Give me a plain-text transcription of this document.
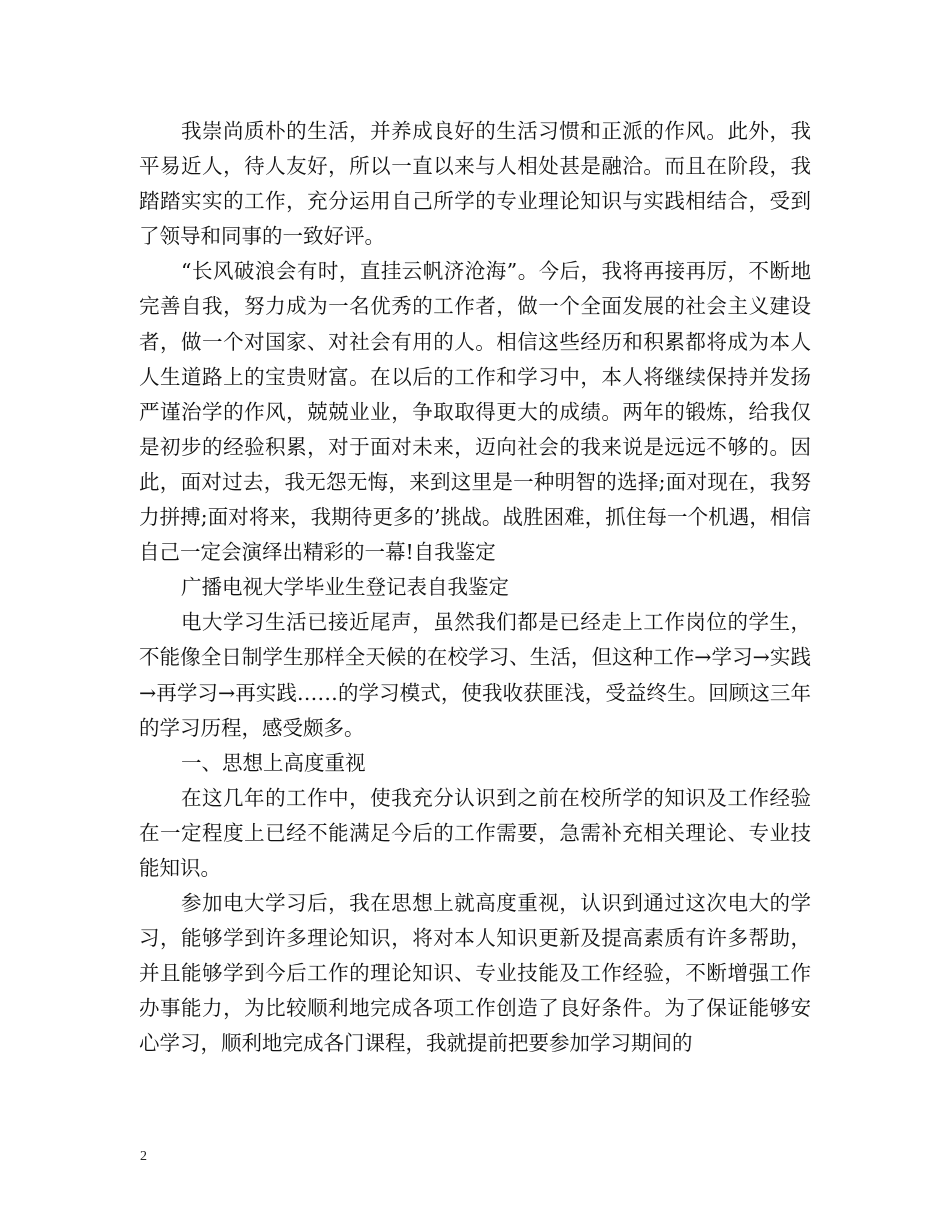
我崇尚质朴的生活，并养成良好的生活习惯和正派的作风。此外，我平易近人，待人友好，所以一直以来与人相处甚是融洽。而且在阶段，我踏踏实实的工作，充分运用自己所学的专业理论知识与实践相结合，受到了领导和同事的一致好评。

“长风破浪会有时，直挂云帆济沧海”。今后，我将再接再厉，不断地完善自我，努力成为一名优秀的工作者，做一个全面发展的社会主义建设者，做一个对国家、对社会有用的人。相信这些经历和积累都将成为本人人生道路上的宝贵财富。在以后的工作和学习中，本人将继续保持并发扬严谨治学的作风，兢兢业业，争取取得更大的成绩。两年的锻炼，给我仅是初步的经验积累，对于面对未来，迈向社会的我来说是远远不够的。因此，面对过去，我无怨无悔，来到这里是一种明智的选择;面对现在，我努力拼搏;面对将来，我期待更多的’挑战。战胜困难，抓住每一个机遇，相信自己一定会演绎出精彩的一幕!自我鉴定

广播电视大学毕业生登记表自我鉴定

电大学习生活已接近尾声，虽然我们都是已经走上工作岗位的学生，不能像全日制学生那样全天候的在校学习、生活，但这种工作→学习→实践→再学习→再实践……的学习模式，使我收获匪浅，受益终生。回顾这三年的学习历程，感受颇多。

一、思想上高度重视

在这几年的工作中，使我充分认识到之前在校所学的知识及工作经验在一定程度上已经不能满足今后的工作需要，急需补充相关理论、专业技能知识。

参加电大学习后，我在思想上就高度重视，认识到通过这次电大的学习，能够学到许多理论知识，将对本人知识更新及提高素质有许多帮助，并且能够学到今后工作的理论知识、专业技能及工作经验，不断增强工作办事能力，为比较顺利地完成各项工作创造了良好条件。为了保证能够安心学习，顺利地完成各门课程，我就提前把要参加学习期间的

2
